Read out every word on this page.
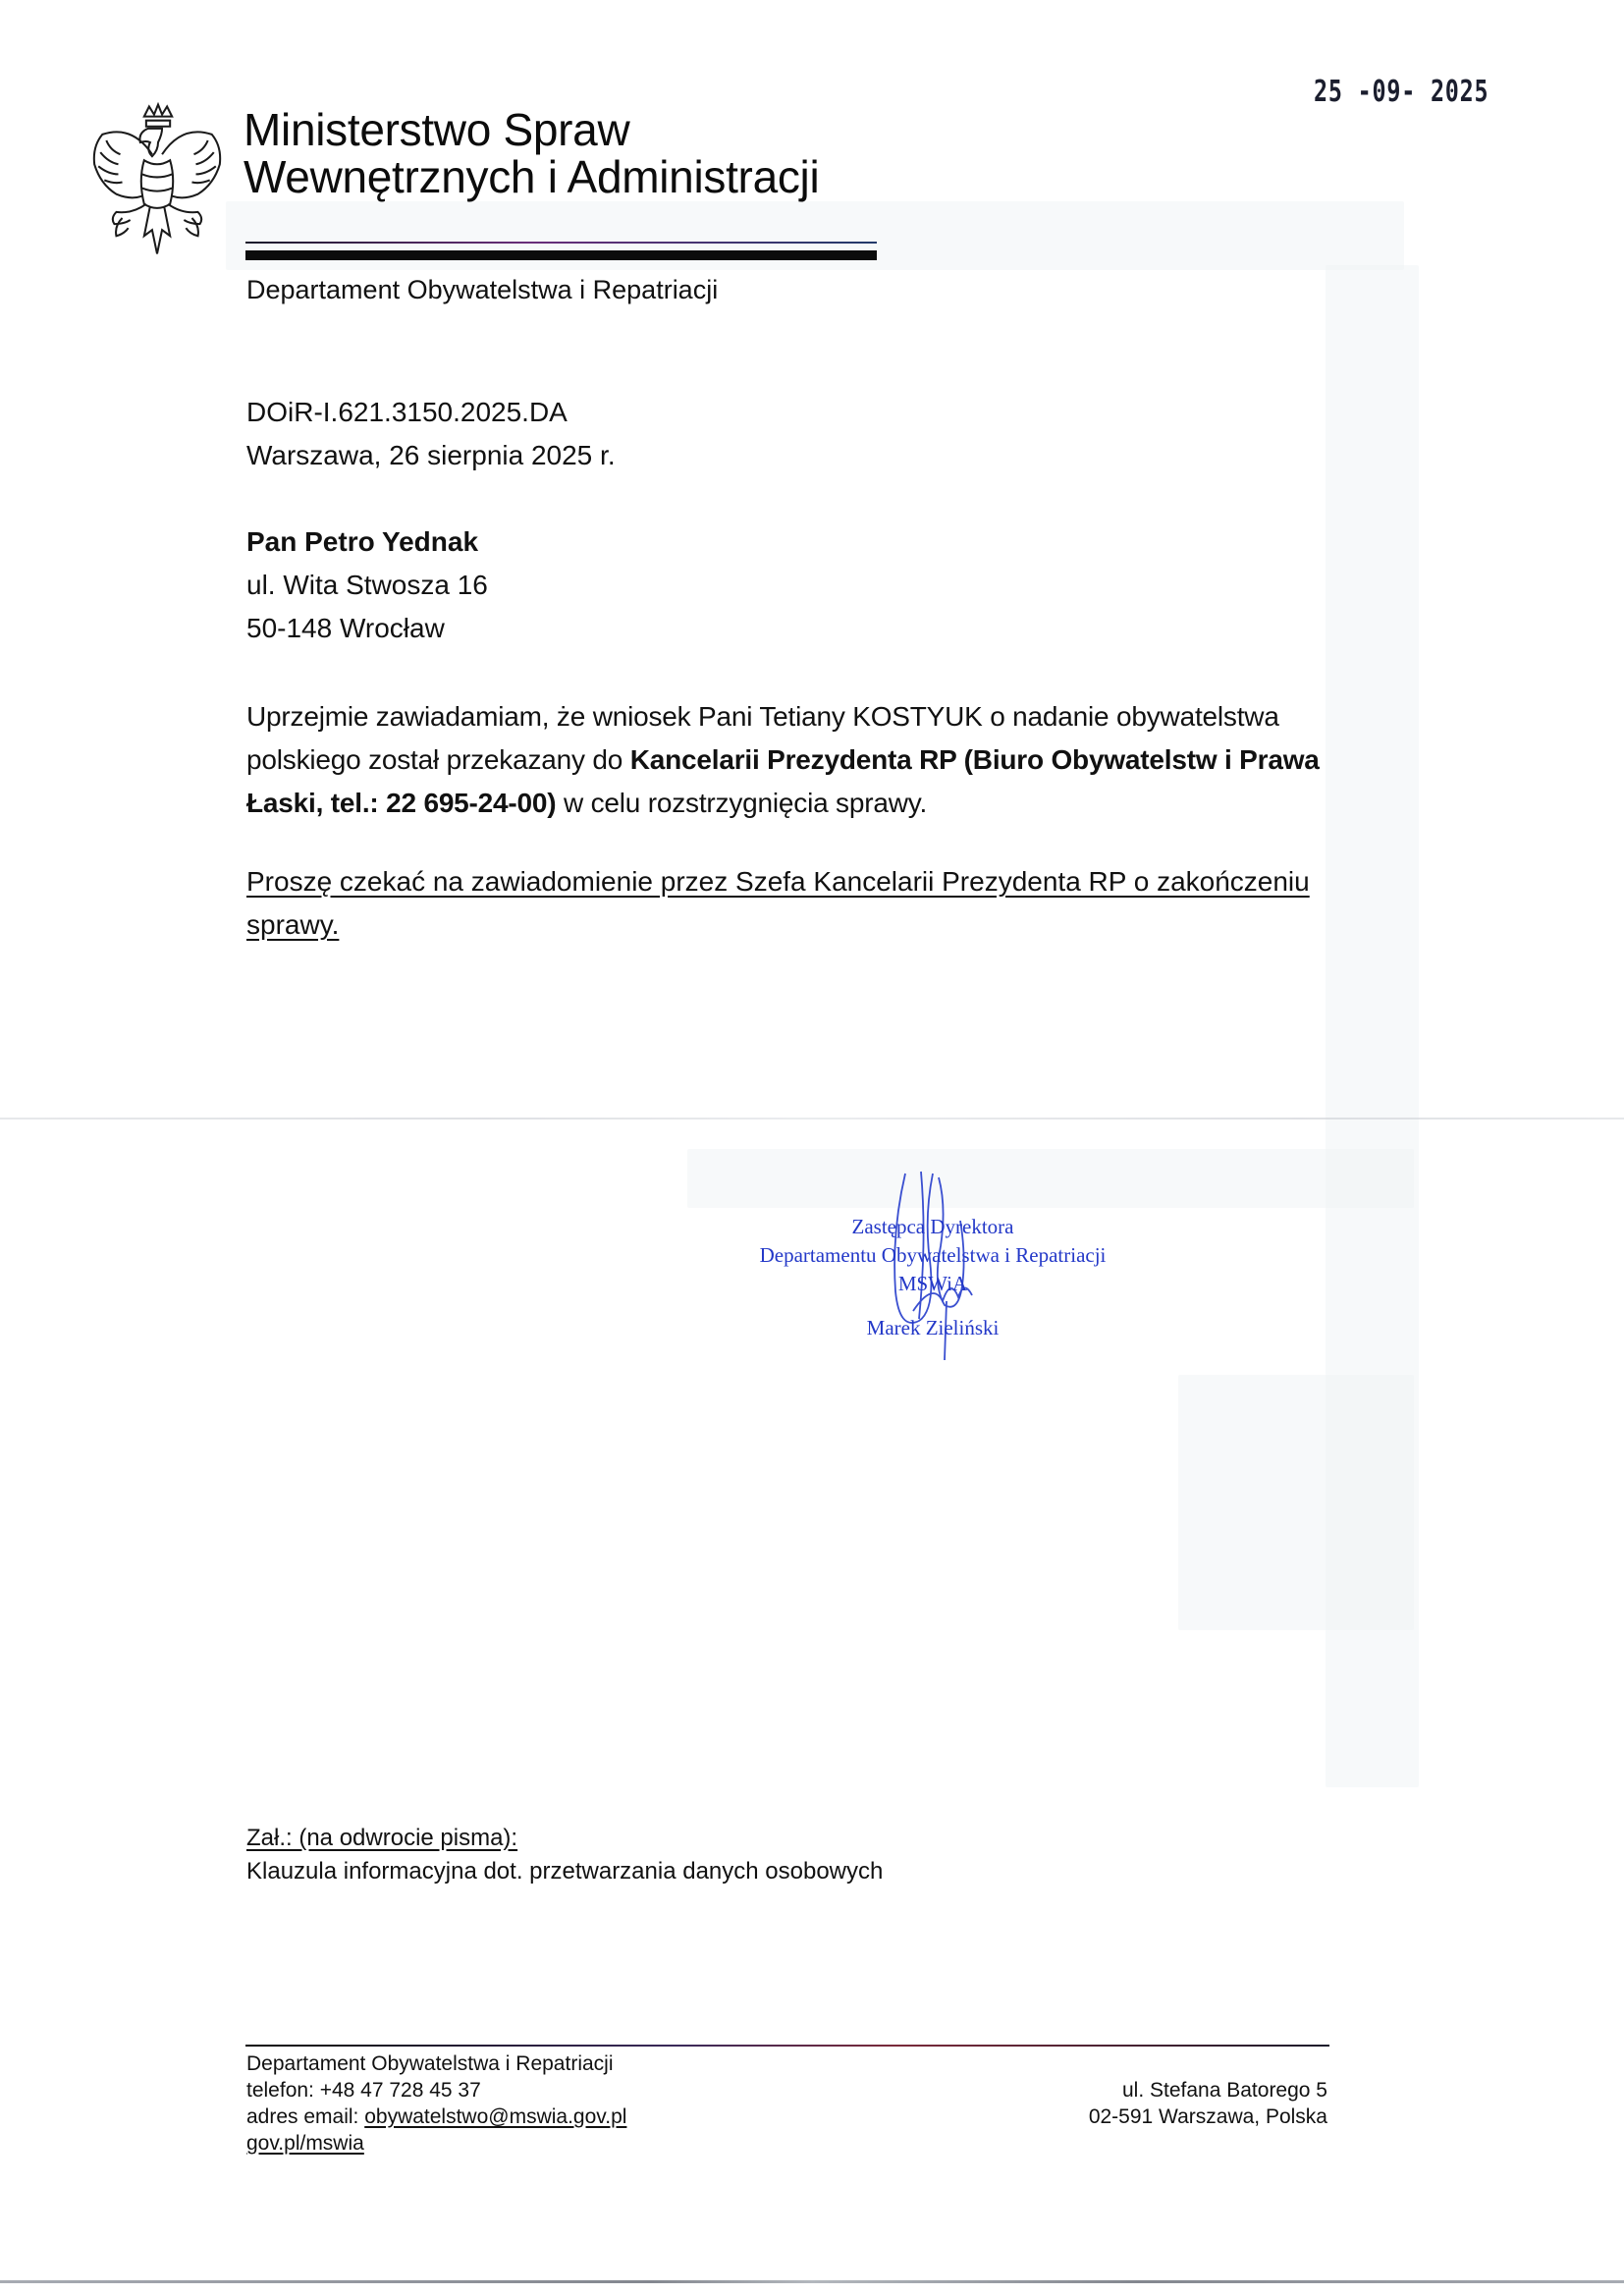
Ministerstwo Spraw
Wewnętrznych i Administracji
Departament Obywatelstwa i Repatriacji
25 -09- 2025
DOiR-I.621.3150.2025.DA
Warszawa, 26 sierpnia 2025 r.
Pan Petro Yednak
ul. Wita Stwosza 16
50-148 Wrocław
Uprzejmie zawiadamiam, że wniosek Pani Tetiany KOSTYUK o nadanie obywatelstwa polskiego został przekazany do Kancelarii Prezydenta RP (Biuro Obywatelstw i Prawa Łaski, tel.: 22 695-24-00) w celu rozstrzygnięcia sprawy.
Proszę czekać na zawiadomienie przez Szefa Kancelarii Prezydenta RP o zakończeniu sprawy.
Zastępca Dyrektora
Departamentu Obywatelstwa i Repatriacji
MSWiA
Marek Zieliński
Zał.: (na odwrocie pisma):
Klauzula informacyjna dot. przetwarzania danych osobowych
Departament Obywatelstwa i Repatriacji
telefon: +48 47 728 45 37
adres email: obywatelstwo@mswia.gov.pl
gov.pl/mswia
ul. Stefana Batorego 5
02-591 Warszawa, Polska
